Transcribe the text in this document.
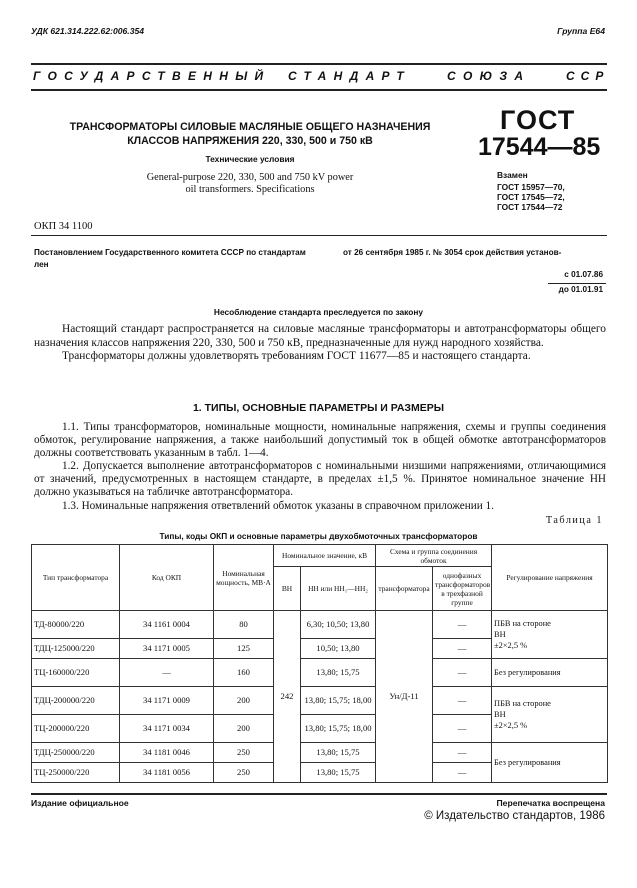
УДК 621.314.222.62:006.354	Группа Е64
ГОСУДАРСТВЕННЫЙ СТАНДАРТ	СОЮЗА	ССР
ТРАНСФОРМАТОРЫ СИЛОВЫЕ МАСЛЯНЫЕ ОБЩЕГО НАЗНАЧЕНИЯ
КЛАССОВ НАПРЯЖЕНИЯ 220, 330, 500 и 750 кВ
Технические условия
General-purpose 220, 330, 500 and 750 kV power
oil transformers. Specifications
ГОСТ
17544—85
Взамен
ГОСТ 15957—70,
ГОСТ 17545—72,
ГОСТ 17544—72
ОКП 34 1100
Постановлением Государственного комитета СССР по стандартам	от 26 сентября 1985 г. № 3054 срок действия установ-
лен
с 01.07.86
до 01.01.91
Несоблюдение стандарта преследуется по закону

Настоящий стандарт распространяется на силовые масляные трансформаторы и автотрансформаторы общего назначения классов напряжения 220, 330, 500 и 750 кВ, предназначенные для нужд народного хозяйства.

Трансформаторы должны удовлетворять требованиям ГОСТ 11677—85 и настоящего стандарта.

1. ТИПЫ, ОСНОВНЫЕ ПАРАМЕТРЫ И РАЗМЕРЫ

1.1. Типы трансформаторов, номинальные мощности, номинальные напряжения, схемы и группы соединения обмоток, регулирование напряжения, а также наибольший допустимый ток в общей обмотке автотрансформаторов должны соответствовать указанным в табл. 1—4.

1.2. Допускается выполнение автотрансформаторов с номинальными низшими напряжениями, отличающимися от значений, предусмотренных в настоящем стандарте, в пределах ±1,5 %. Принятое номинальное значение НН должно указываться на табличке автотрансформатора.

1.3. Номинальные напряжения ответвлений обмоток указаны в справочном приложении 1.

Таблица 1
Типы, коды ОКП и основные параметры двухобмоточных трансформаторов
Тип трансформатора	Код ОКП	Номинальная мощность, МВ·А	Номинальное значение, кВ		Схема и группа соединения обмоток		Регулирование напряжения
			ВН	НН или НН₁—НН₂	трансформатора	однофазных трансформаторов в трехфазной группе	
ТД-80000/220	34 1161 0004	80	242	6,30; 10,50; 13,80	Ун/Д-11	—	ПБВ на стороне
ВН
±2×2,5 %

ТДЦ-125000/220	34 1171 0005	125		10,50; 13,80		—	
ТЦ-160000/220	—	160		13,80; 15,75		—	Без регулирования
ТДЦ-200000/220	34 1171 0009	200		13,80; 15,75; 18,00		—	ПБВ на стороне
ВН
±2×2,5 %

ТЦ-200000/220	34 1171 0034	200		13,80; 15,75; 18,00		—	
ТДЦ-250000/220	34 1181 0046	250		13,80; 15,75		—	Без регулирования
ТЦ-250000/220	34 1181 0056	250		13,80; 15,75		—	
Издание официальное	Перепечатка воспрещена
© Издательство стандартов, 1986
